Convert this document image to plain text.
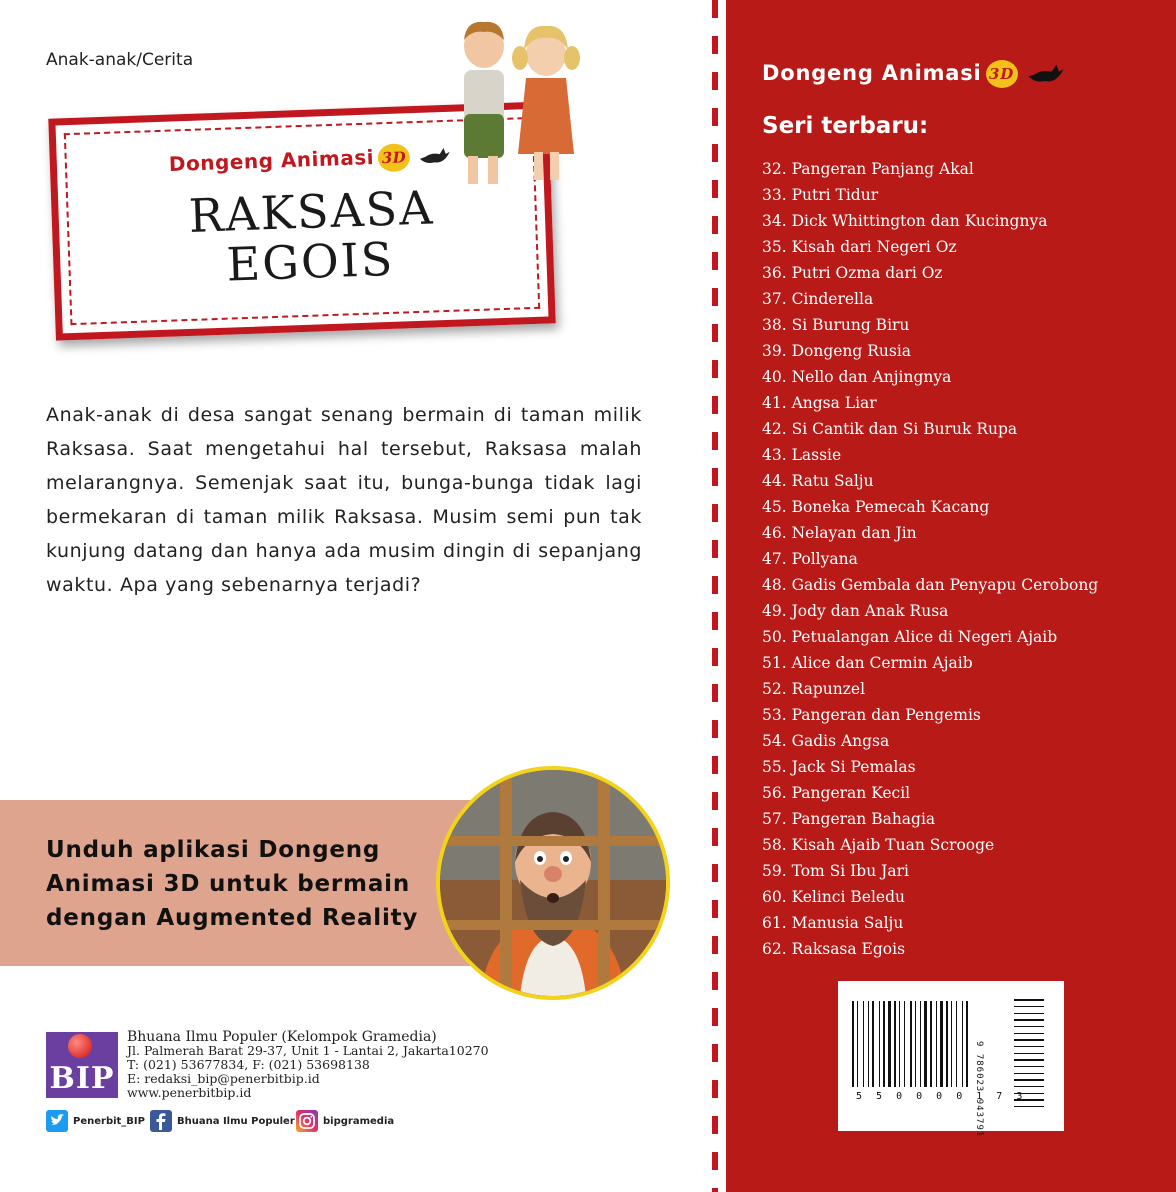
Anak-anak/Cerita
Dongeng Animasi 3D
RAKSASA
EGOIS
Anak-anak di desa sangat senang bermain di taman milik Raksasa. Saat mengetahui hal tersebut, Raksasa malah melarangnya. Semenjak saat itu, bunga-bunga tidak lagi bermekaran di taman milik Raksasa. Musim semi pun tak kunjung datang dan hanya ada musim dingin di sepanjang waktu. Apa yang sebenarnya terjadi?
Unduh aplikasi Dongeng
Animasi 3D untuk bermain
dengan Augmented Reality
BIP
Bhuana Ilmu Populer (Kelompok Gramedia)
Jl. Palmerah Barat 29-37, Unit 1 - Lantai 2, Jakarta10270
T: (021) 53677834, F: (021) 53698138
E: redaksi_bip@penerbitbip.id
www.penerbitbip.id
Penerbit_BIP	Bhuana Ilmu Populer	bipgramedia
Dongeng Animasi 3D
Seri terbaru:
32. Pangeran Panjang Akal
33. Putri Tidur
34. Dick Whittington dan Kucingnya
35. Kisah dari Negeri Oz
36. Putri Ozma dari Oz
37. Cinderella
38. Si Burung Biru
39. Dongeng Rusia
40. Nello dan Anjingnya
41. Angsa Liar
42. Si Cantik dan Si Buruk Rupa
43. Lassie
44. Ratu Salju
45. Boneka Pemecah Kacang
46. Nelayan dan Jin
47. Pollyana
48. Gadis Gembala dan Penyapu Cerobong
49. Jody dan Anak Rusa
50. Petualangan Alice di Negeri Ajaib
51. Alice dan Cermin Ajaib
52. Rapunzel
53. Pangeran dan Pengemis
54. Gadis Angsa
55. Jack Si Pemalas
56. Pangeran Kecil
57. Pangeran Bahagia
58. Kisah Ajaib Tuan Scrooge
59. Tom Si Ibu Jari
60. Kelinci Beledu
61. Manusia Salju
62. Raksasa Egois
5 5 0 0 0 0 1 7 3
9 786023 943791
